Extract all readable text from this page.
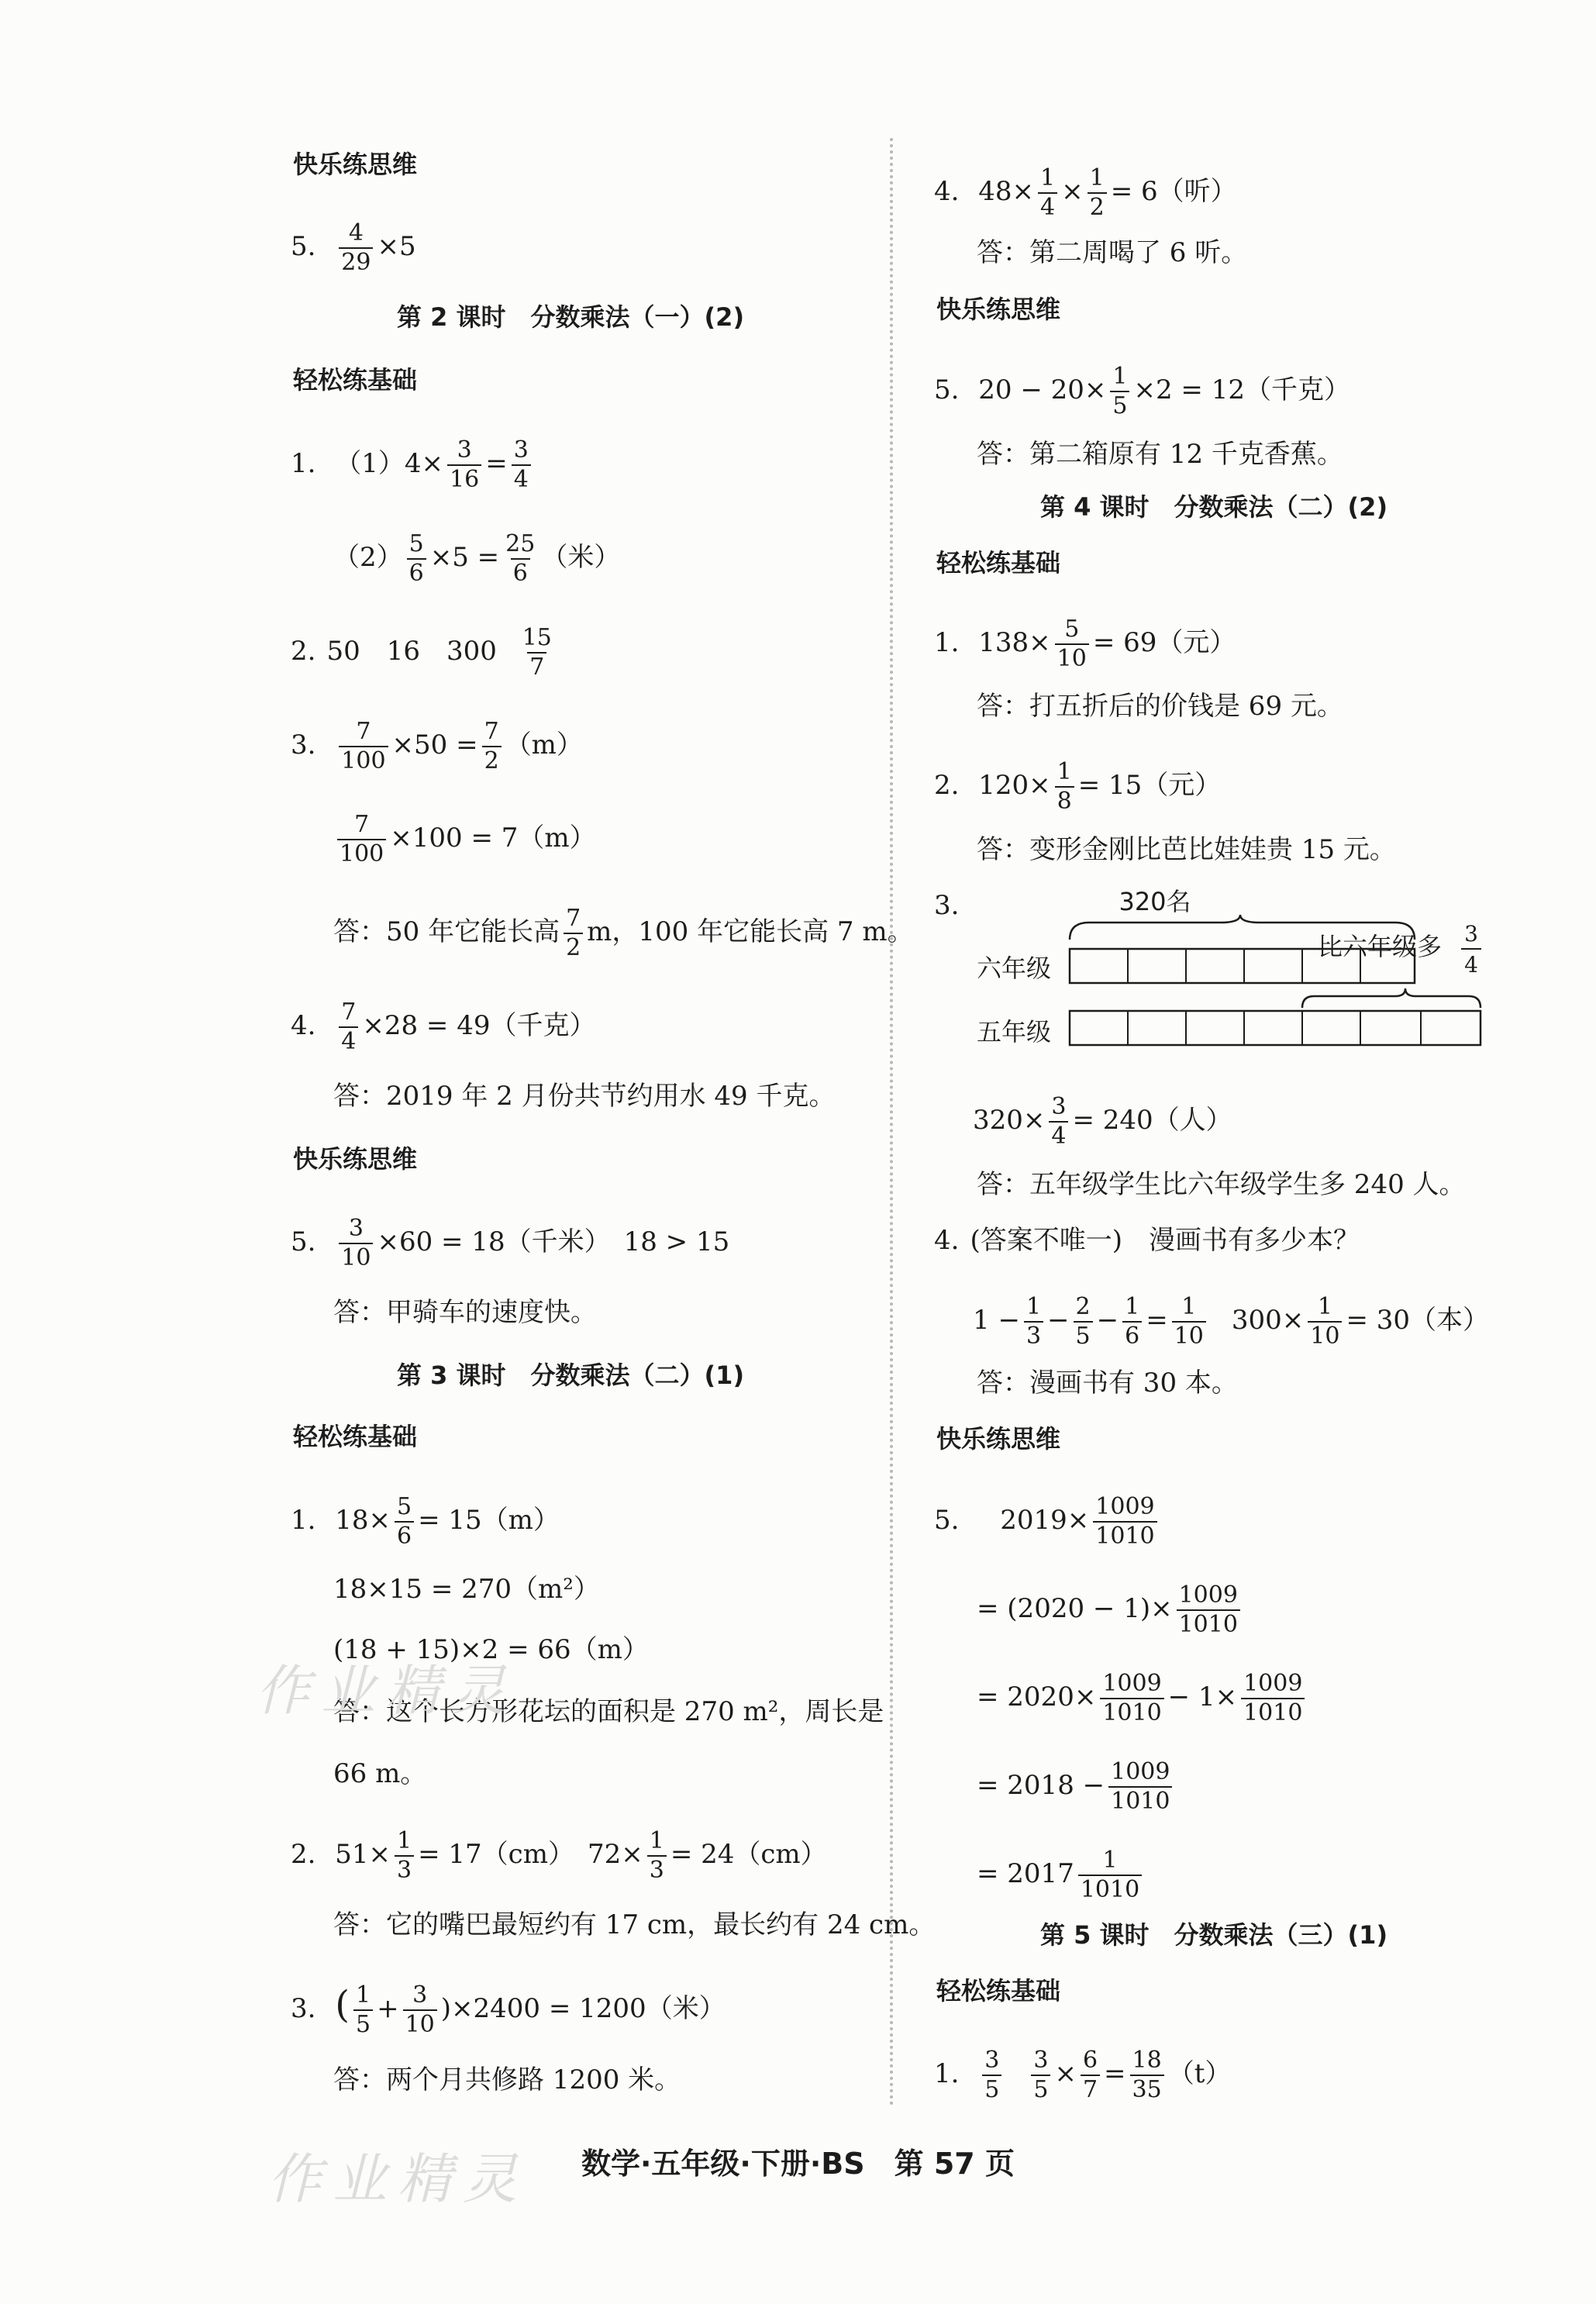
快乐练思维
5. $\frac{4}{29} \times 5$
第 2 课时　分数乘法（一）(2)
轻松练基础
1. $(1)4\times \frac{3}{16} = \frac{3}{4}$
$(2) \frac{5}{6} \times 5 = \frac{25}{6}$ （米）
2. 50　16　$300 \frac{15}{7}$
3. $\frac{7}{100} \times 50 = \frac{7}{2} (m)$
$\frac{7}{100} \times 100 = 7(m)$
答：50 年它能长高 $\frac{7}{2}$ m，100 年它能长高 7 m。
4. $\frac{7}{4} \times 28 = 49$（千克）
答：2019 年 2 月份共节约用水 49 千克。
快乐练思维
5. $\frac{3}{10} \times 60 = 18$（千米）　18 > 15
答：甲骑车的速度快。
第 3 课时　分数乘法（二）(1)
轻松练基础
1. $18\times \frac{5}{6} = 15(m)$
18×15 = 270（m²）
(18 + 15)×2 = 66（m）
答：这个长方形花坛的面积是 270 m²，周长是
66 m。
2. $51\times \frac{1}{3} = 17(cm)$　$72\times \frac{1}{3} = 24(cm)$
答：它的嘴巴最短约有 17 cm，最长约有 24 cm。
3. ( $\frac{1}{5} + \frac{3}{10} )\times 2400 = 1200$（米）
答：两个月共修路 1200 米。
4. $48\times \frac{1}{4} \times \frac{1}{2} = 6$（听）
答：第二周喝了 6 听。
快乐练思维
5. $20 - 20\times \frac{1}{5} \times 2 = 12$（千克）
答：第二箱原有 12 千克香蕉。
第 4 课时　分数乘法（二）(2)
轻松练基础
1. $138\times \frac{5}{10} = 69$（元）
答：打五折后的价钱是 69 元。
2. $120\times \frac{1}{8} = 15$（元）
答：变形金刚比芭比娃娃贵 15 元。
3.	320名
比六年级多 3
4
六年级
五年级
$320\times \frac{3}{4} = 240$（人）
答：五年级学生比六年级学生多 240 人。
4. (答案不唯一)　漫画书有多少本？
$1 - \frac{1}{3} - \frac{2}{5} - \frac{1}{6} = \frac{1}{10} 300\times \frac{1}{10} = 30$（本）
答：漫画书有 30 本。
快乐练思维
5. $2019\times \frac{1009}{1010}$
= $(2020 - 1)\times \frac{1009}{1010}$
= $2020\times \frac{1009}{1010} - 1\times \frac{1009}{1010}$
= $2018 - \frac{1009}{1010}$
= $2017 \frac{1}{1010}$
第 5 课时　分数乘法（三）(1)
轻松练基础
1. $\frac{3}{5} \frac{3}{5} \times \frac{6}{7} = \frac{18}{35} (t)$
数学·五年级·下册·BS　第 57 页
作业精灵
作业精灵
